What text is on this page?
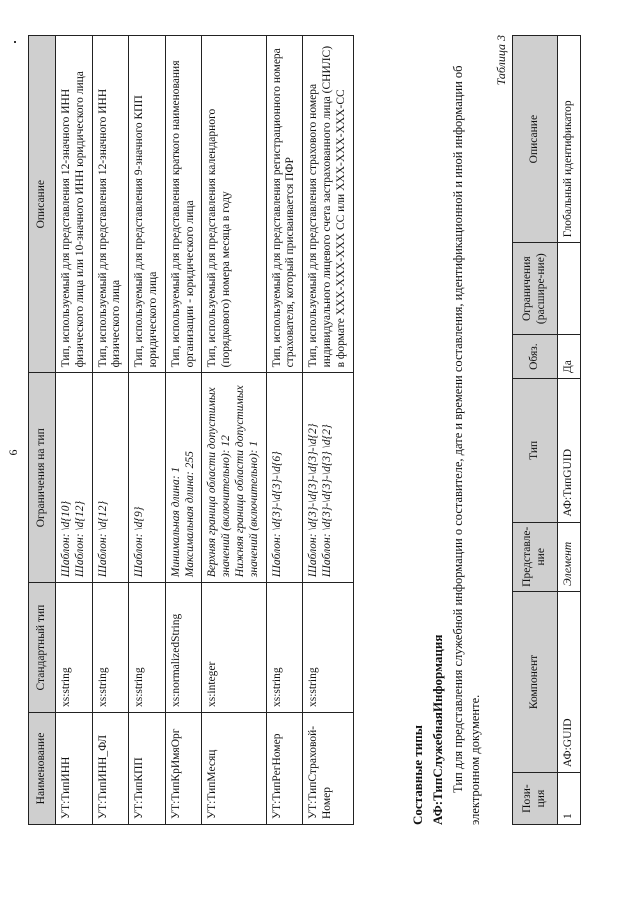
6
Наименование	Стандартный тип	Ограничения на тип	Описание
УТ:ТипИНН	xs:string	Шаблон: \d{10} Шаблон: \d{12}	Тип, используемый для представления 12-значного ИНН физического лица или 10-значного ИНН юридического лица
УТ:ТипИНН_ФЛ	xs:string	Шаблон: \d{12}	Тип, используемый для представления 12-значного ИНН физического лица
УТ:ТипКПП	xs:string	Шаблон: \d{9}	Тип, используемый для представления 9-значного КПП юридического лица
УТ:ТипКрИмяОрг	xs:normalizedString	Минимальная длина: 1 Максимальная длина: 255	Тип, используемый для представления краткого наименования организации - юридического лица
УТ:ТипМесяц	xs:integer	Верхняя граница области допустимых значений (включительно): 12 Нижняя граница области допустимых значений (включительно): 1	Тип, используемый для представления календарного (порядкового) номера месяца в году
УТ:ТипРегНомер	xs:string	Шаблон: \d{3}-\d{3}-\d{6}	Тип, используемый для представления регистрационного номера страхователя, который присваивается ПФР
УТ:ТипСтраховой-Номер	xs:string	Шаблон: \d{3}-\d{3}-\d{3}-\d{2} Шаблон: \d{3}-\d{3}-\d{3} \d{2}	Тип, используемый для представления страхового номера индивидуального лицевого счета застрахованного лица (СНИЛС) в формате ХХХ-ХХХ-ХХХ СС или ХХХ-ХХХ-ХХХ-СС
Составные типы АФ:ТипСлужебнаяИнформация Тип для представления служебной информации о составителе, дате и времени составления, идентификационной и иной информации об электронном документе.
Таблица 3
Пози-ция	Компонент	Представле-ние	Тип	Обяз.	Ограничения (расшире-ние)	Описание
1	АФ:GUID	Элемент	АФ:ТипGUID	Да		Глобальный идентификатор
